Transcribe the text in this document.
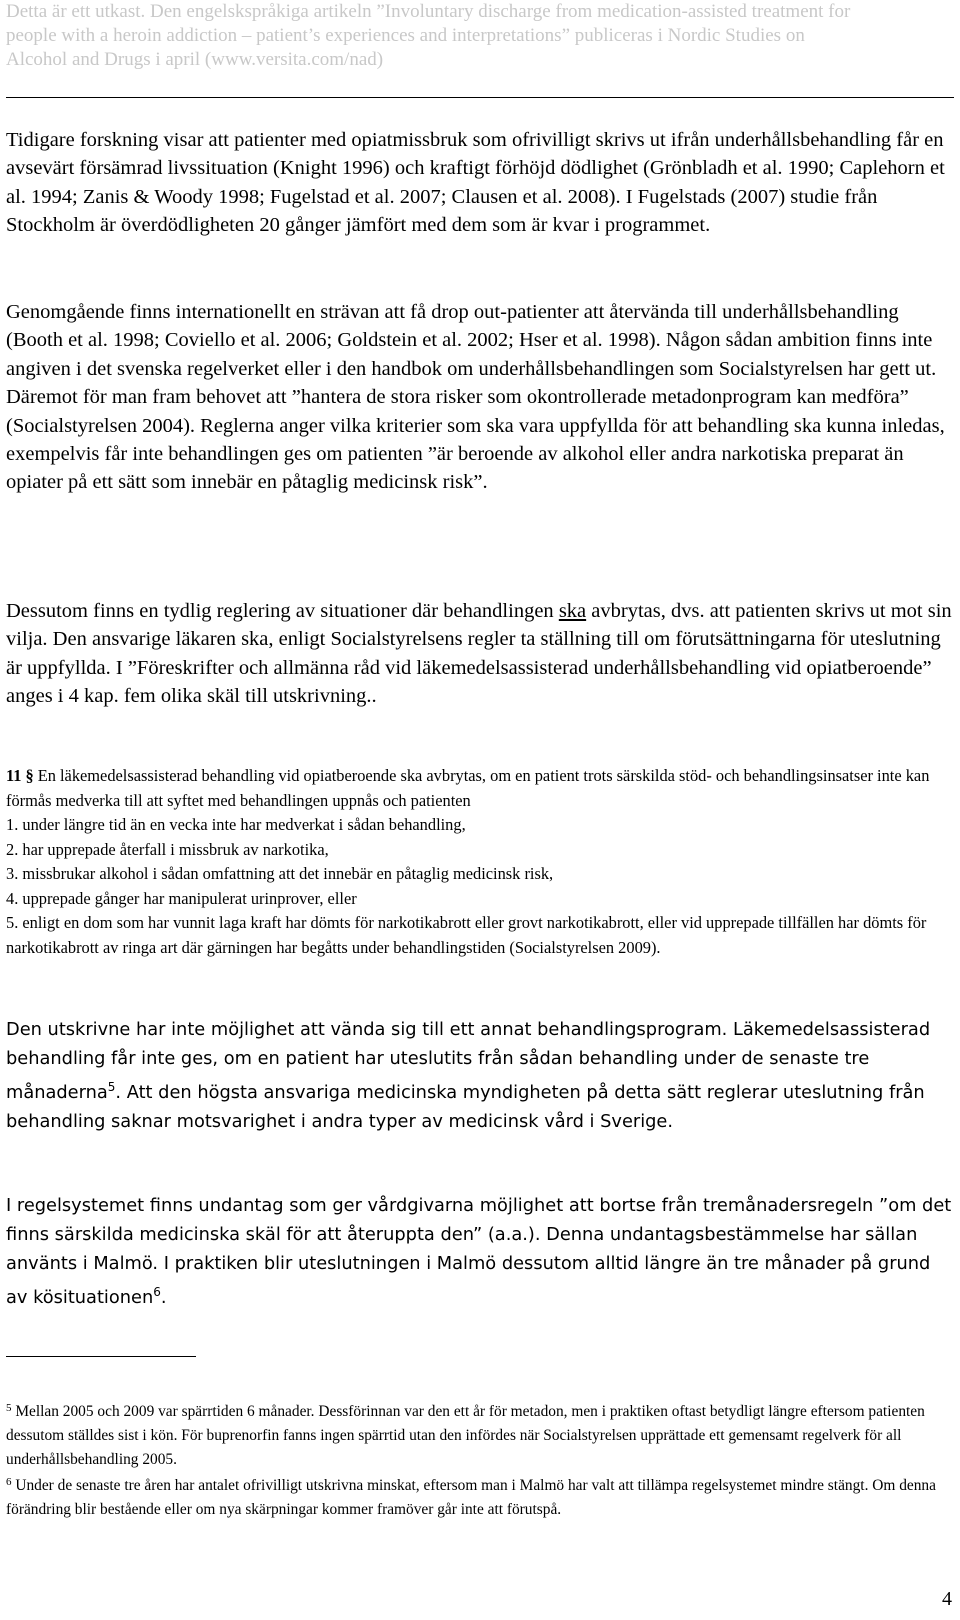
Detta är ett utkast. Den engelskspråkiga artikeln ”Involuntary discharge from medication-assisted treatment for
people with a heroin addiction – patient’s experiences and interpretations” publiceras i Nordic Studies on
Alcohol and Drugs i april (www.versita.com/nad)

Tidigare forskning visar att patienter med opiatmissbruk som ofrivilligt skrivs ut ifrån underhållsbehandling får en avsevärt försämrad livssituation (Knight 1996) och kraftigt förhöjd dödlighet (Grönbladh et al. 1990; Caplehorn et al. 1994; Zanis & Woody 1998; Fugelstad et al. 2007; Clausen et al. 2008). I Fugelstads (2007) studie från Stockholm är överdödligheten 20 gånger jämfört med dem som är kvar i programmet.

Genomgående finns internationellt en strävan att få drop out-patienter att återvända till underhållsbehandling (Booth et al. 1998; Coviello et al. 2006; Goldstein et al. 2002; Hser et al. 1998). Någon sådan ambition finns inte angiven i det svenska regelverket eller i den handbok om underhållsbehandlingen som Socialstyrelsen har gett ut. Däremot för man fram behovet att ”hantera de stora risker som okontrollerade metadonprogram kan medföra” (Socialstyrelsen 2004). Reglerna anger vilka kriterier som ska vara uppfyllda för att behandling ska kunna inledas, exempelvis får inte behandlingen ges om patienten ”är beroende av alkohol eller andra narkotiska preparat än opiater på ett sätt som innebär en påtaglig medicinsk risk”.

Dessutom finns en tydlig reglering av situationer där behandlingen ska avbrytas, dvs. att patienten skrivs ut mot sin vilja. Den ansvarige läkaren ska, enligt Socialstyrelsens regler ta ställning till om förutsättningarna för uteslutning är uppfyllda. I ”Föreskrifter och allmänna råd vid läkemedelsassisterad underhållsbehandling vid opiatberoende” anges i 4 kap. fem olika skäl till utskrivning..

11 § En läkemedelsassisterad behandling vid opiatberoende ska avbrytas, om en patient trots särskilda stöd- och behandlingsinsatser inte kan förmås medverka till att syftet med behandlingen uppnås och patienten
1. under längre tid än en vecka inte har medverkat i sådan behandling,
2. har upprepade återfall i missbruk av narkotika,
3. missbrukar alkohol i sådan omfattning att det innebär en påtaglig medicinsk risk,
4. upprepade gånger har manipulerat urinprover, eller
5. enligt en dom som har vunnit laga kraft har dömts för narkotikabrott eller grovt narkotikabrott, eller vid upprepade tillfällen har dömts för narkotikabrott av ringa art där gärningen har begåtts under behandlingstiden (Socialstyrelsen 2009).

Den utskrivne har inte möjlighet att vända sig till ett annat behandlingsprogram. Läkemedelsassisterad behandling får inte ges, om en patient har uteslutits från sådan behandling under de senaste tre månaderna$^5$. Att den högsta ansvariga medicinska myndigheten på detta sätt reglerar uteslutning från behandling saknar motsvarighet i andra typer av medicinsk vård i Sverige.

I regelsystemet finns undantag som ger vårdgivarna möjlighet att bortse från tremånadersregeln ”om det finns särskilda medicinska skäl för att återuppta den” (a.a.). Denna undantagsbestämmelse har sällan använts i Malmö. I praktiken blir uteslutningen i Malmö dessutom alltid längre än tre månader på grund av kösituationen$^6$.

$^5$ Mellan 2005 och 2009 var spärrtiden 6 månader. Dessförinnan var den ett år för metadon, men i praktiken oftast betydligt längre eftersom patienten dessutom ställdes sist i kön. För buprenorfin fanns ingen spärrtid utan den infördes när Socialstyrelsen upprättade ett gemensamt regelverk för all underhållsbehandling 2005.

$^6$ Under de senaste tre åren har antalet ofrivilligt utskrivna minskat, eftersom man i Malmö har valt att tillämpa regelsystemet mindre stängt. Om denna förändring blir bestående eller om nya skärpningar kommer framöver går inte att förutspå.

4
